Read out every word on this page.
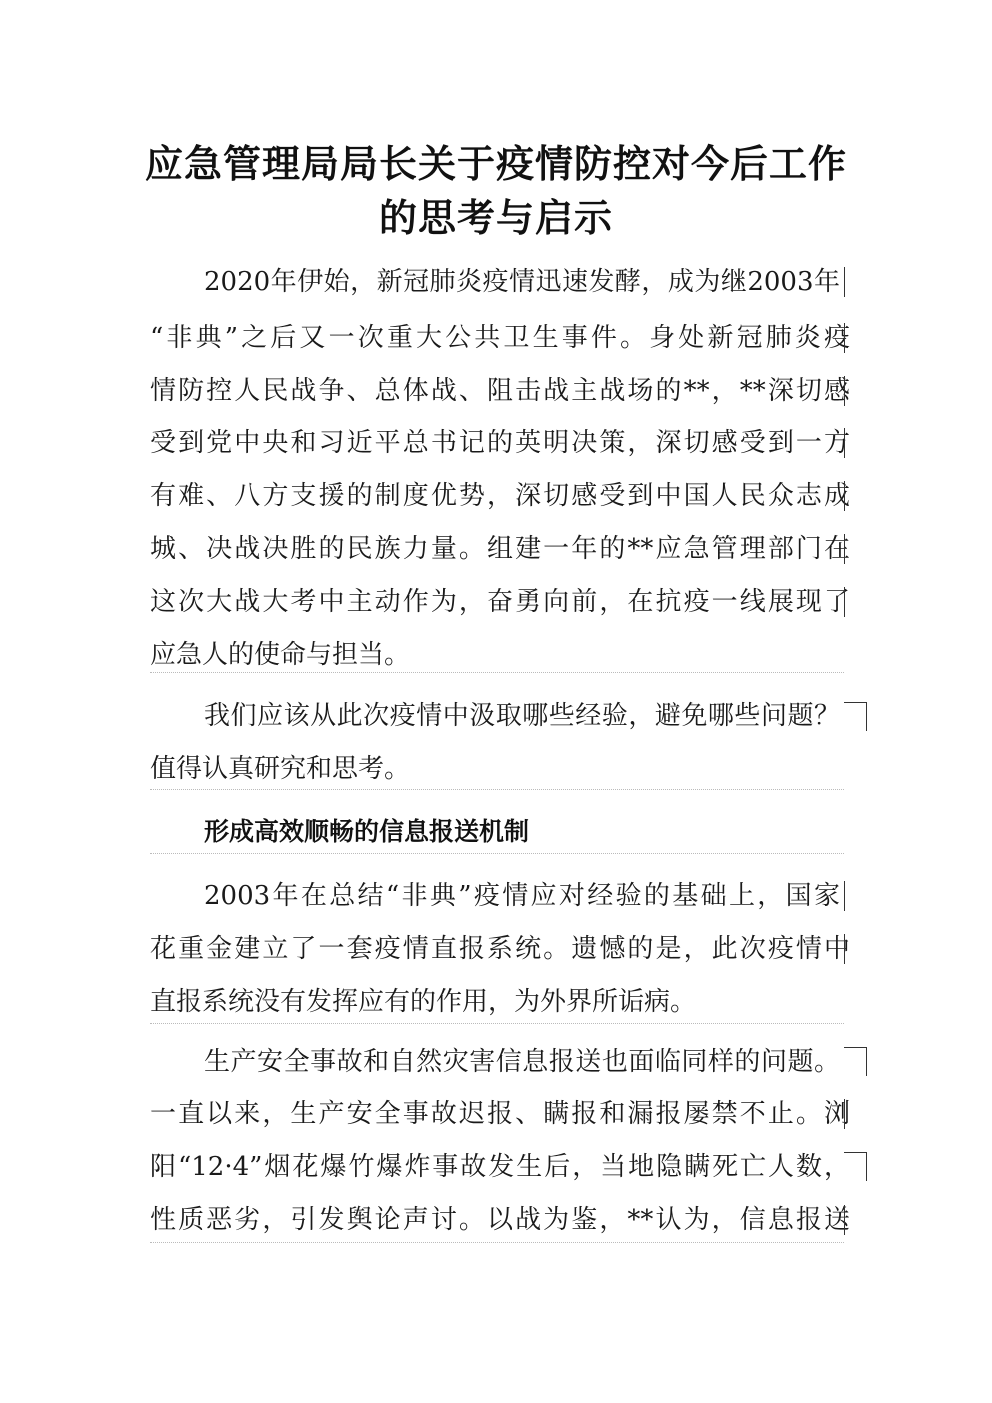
应急管理局局长关于疫情防控对今后工作
的思考与启示
2020年伊始，新冠肺炎疫情迅速发酵，成为继2003年
“非典”之后又一次重大公共卫生事件。身处新冠肺炎疫
情防控人民战争、总体战、阻击战主战场的**，**深切感
受到党中央和习近平总书记的英明决策，深切感受到一方
有难、八方支援的制度优势，深切感受到中国人民众志成
城、决战决胜的民族力量。组建一年的**应急管理部门在
这次大战大考中主动作为，奋勇向前，在抗疫一线展现了
应急人的使命与担当。
我们应该从此次疫情中汲取哪些经验，避免哪些问题？
值得认真研究和思考。
形成高效顺畅的信息报送机制
2003年在总结“非典”疫情应对经验的基础上，国家
花重金建立了一套疫情直报系统。遗憾的是，此次疫情中
直报系统没有发挥应有的作用，为外界所诟病。
生产安全事故和自然灾害信息报送也面临同样的问题。
一直以来，生产安全事故迟报、瞒报和漏报屡禁不止。浏
阳“12·4”烟花爆竹爆炸事故发生后，当地隐瞒死亡人数，
性质恶劣，引发舆论声讨。以战为鉴，**认为，信息报送
